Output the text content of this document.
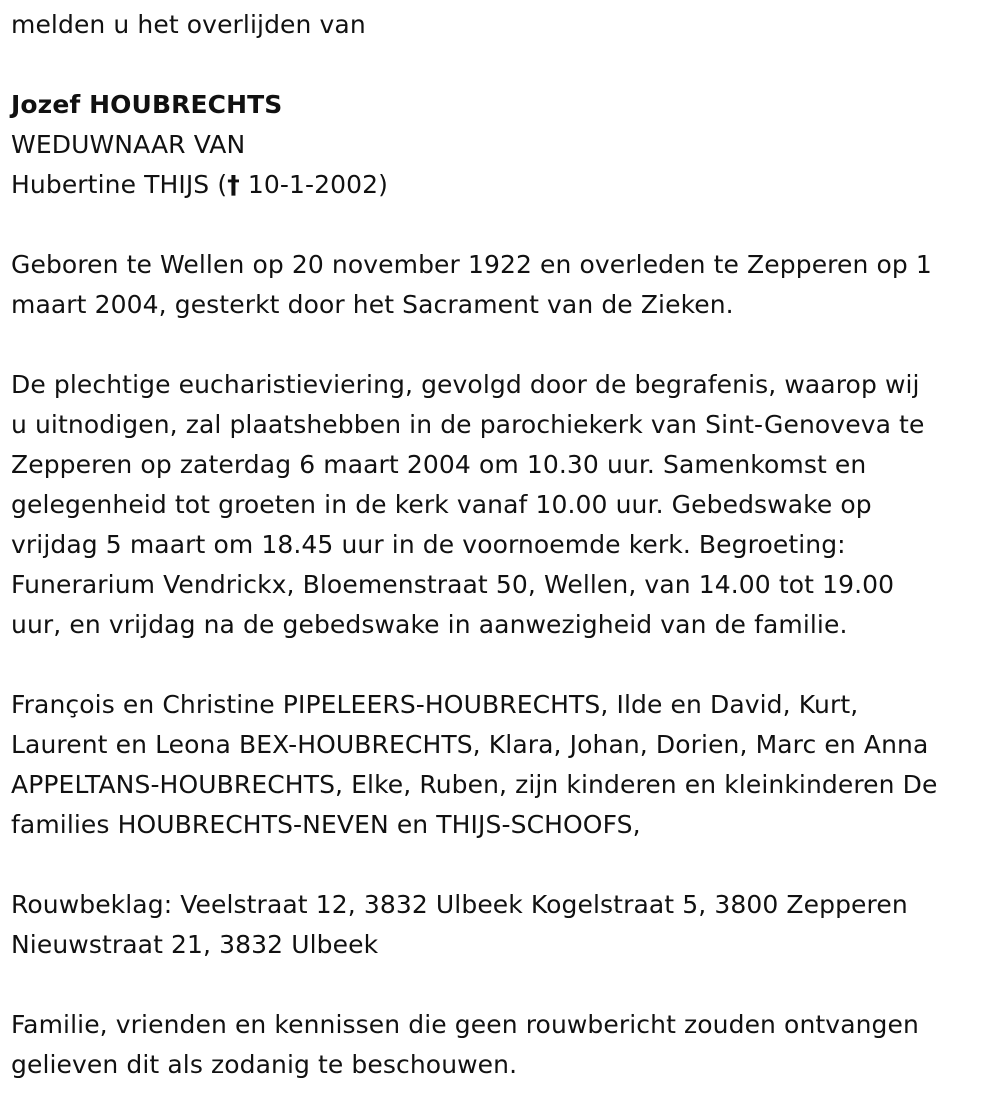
melden u het overlijden van

Jozef HOUBRECHTS

WEDUWNAAR VAN

Hubertine THIJS († 10-1-2002)

Geboren te Wellen op 20 november 1922 en overleden te Zepperen op 1

maart 2004, gesterkt door het Sacrament van de Zieken.

De plechtige eucharistieviering, gevolgd door de begrafenis, waarop wij

u uitnodigen, zal plaatshebben in de parochiekerk van Sint-Genoveva te

Zepperen op zaterdag 6 maart 2004 om 10.30 uur. Samenkomst en

gelegenheid tot groeten in de kerk vanaf 10.00 uur. Gebedswake op

vrijdag 5 maart om 18.45 uur in de voornoemde kerk. Begroeting:

Funerarium Vendrickx, Bloemenstraat 50, Wellen, van 14.00 tot 19.00

uur, en vrijdag na de gebedswake in aanwezigheid van de familie.

François en Christine PIPELEERS-HOUBRECHTS, Ilde en David, Kurt,

Laurent en Leona BEX-HOUBRECHTS, Klara, Johan, Dorien, Marc en Anna

APPELTANS-HOUBRECHTS, Elke, Ruben, zijn kinderen en kleinkinderen De

families HOUBRECHTS-NEVEN en THIJS-SCHOOFS,

Rouwbeklag: Veelstraat 12, 3832 Ulbeek Kogelstraat 5, 3800 Zepperen

Nieuwstraat 21, 3832 Ulbeek

Familie, vrienden en kennissen die geen rouwbericht zouden ontvangen

gelieven dit als zodanig te beschouwen.
